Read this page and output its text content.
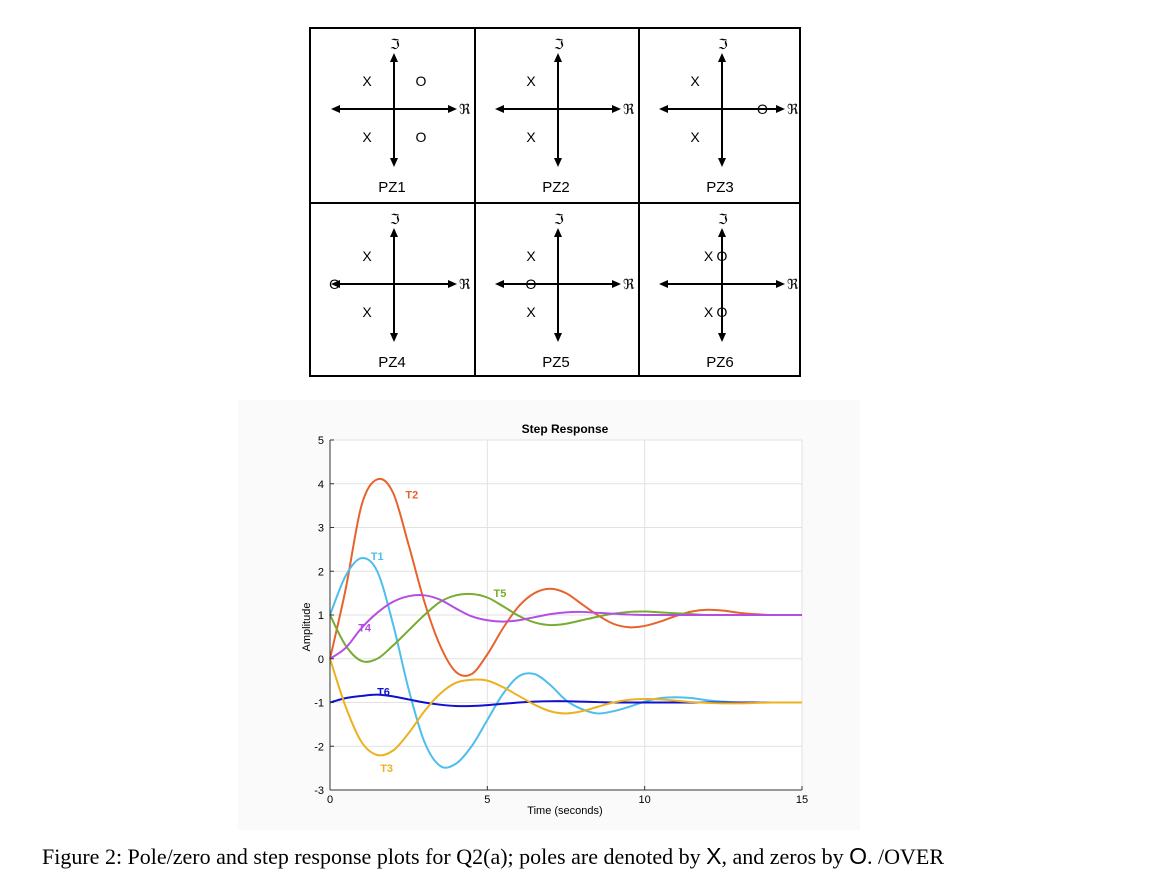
ℜ
ℑ
X
X
O
O
PZ1
ℜ
ℑ
X
X
PZ2
ℜ
ℑ
X
X
O
PZ3
ℜ
ℑ
X
X
O
PZ4
ℜ
ℑ
X
X
O
PZ5
ℜ
ℑ
X
X
O
O
PZ6
T2
T1
T5
T4
T6
T3
0	5	10	15
-3
-2
-1
0
1
2
3
4
5
Step Response
Time (seconds)
Amplitude
Figure 2: Pole/zero and step response plots for Q2(a); poles are denoted by X, and zeros by O. /OVER
